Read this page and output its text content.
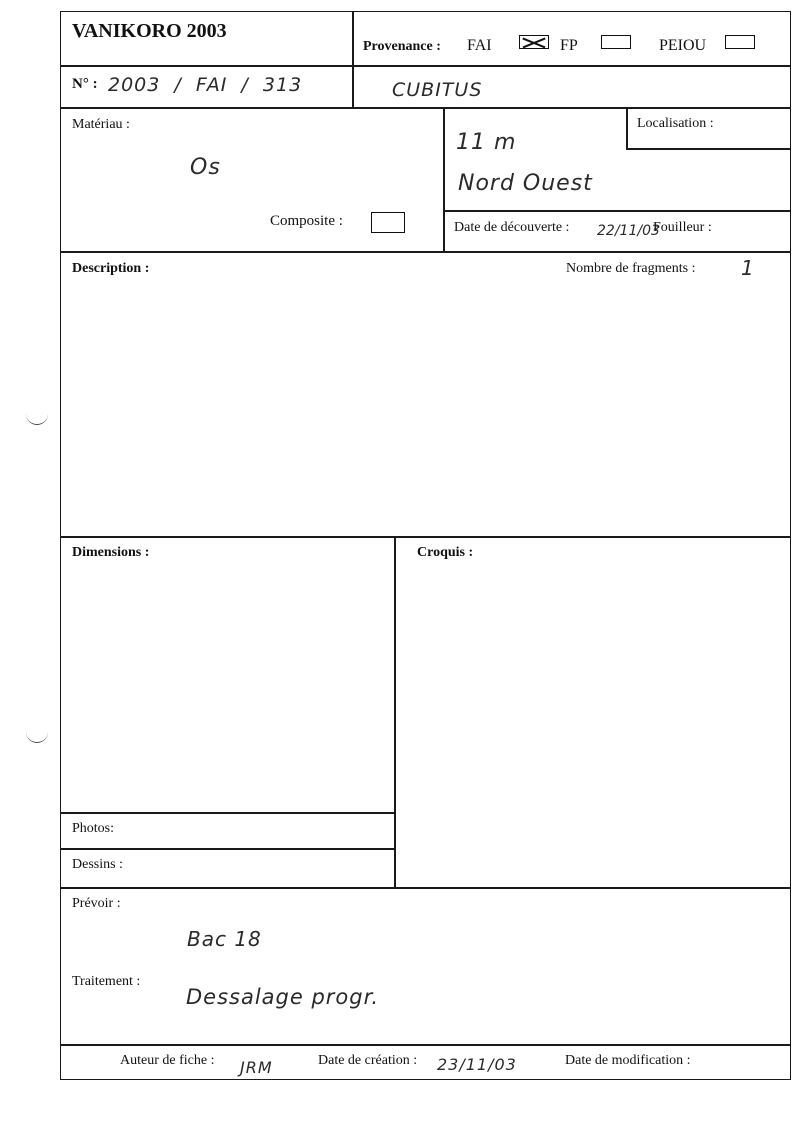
VANIKORO 2003
Provenance : FAI	FP	PEIOU
N° : 2003  /  FAI  /  313	CUBITUS
Matériau :
Os
Composite :
Localisation :
11 m
Nord Ouest
Date de découverte : 22/11/03
Fouilleur :
Description :	Nombre de fragments : 1
Dimensions :	Croquis :
Photos:
Dessins :
Prévoir :
Bac 18
Traitement :
Dessalage progr.
Auteur de fiche : JRM	Date de création : 23/11/03	Date de modification :
